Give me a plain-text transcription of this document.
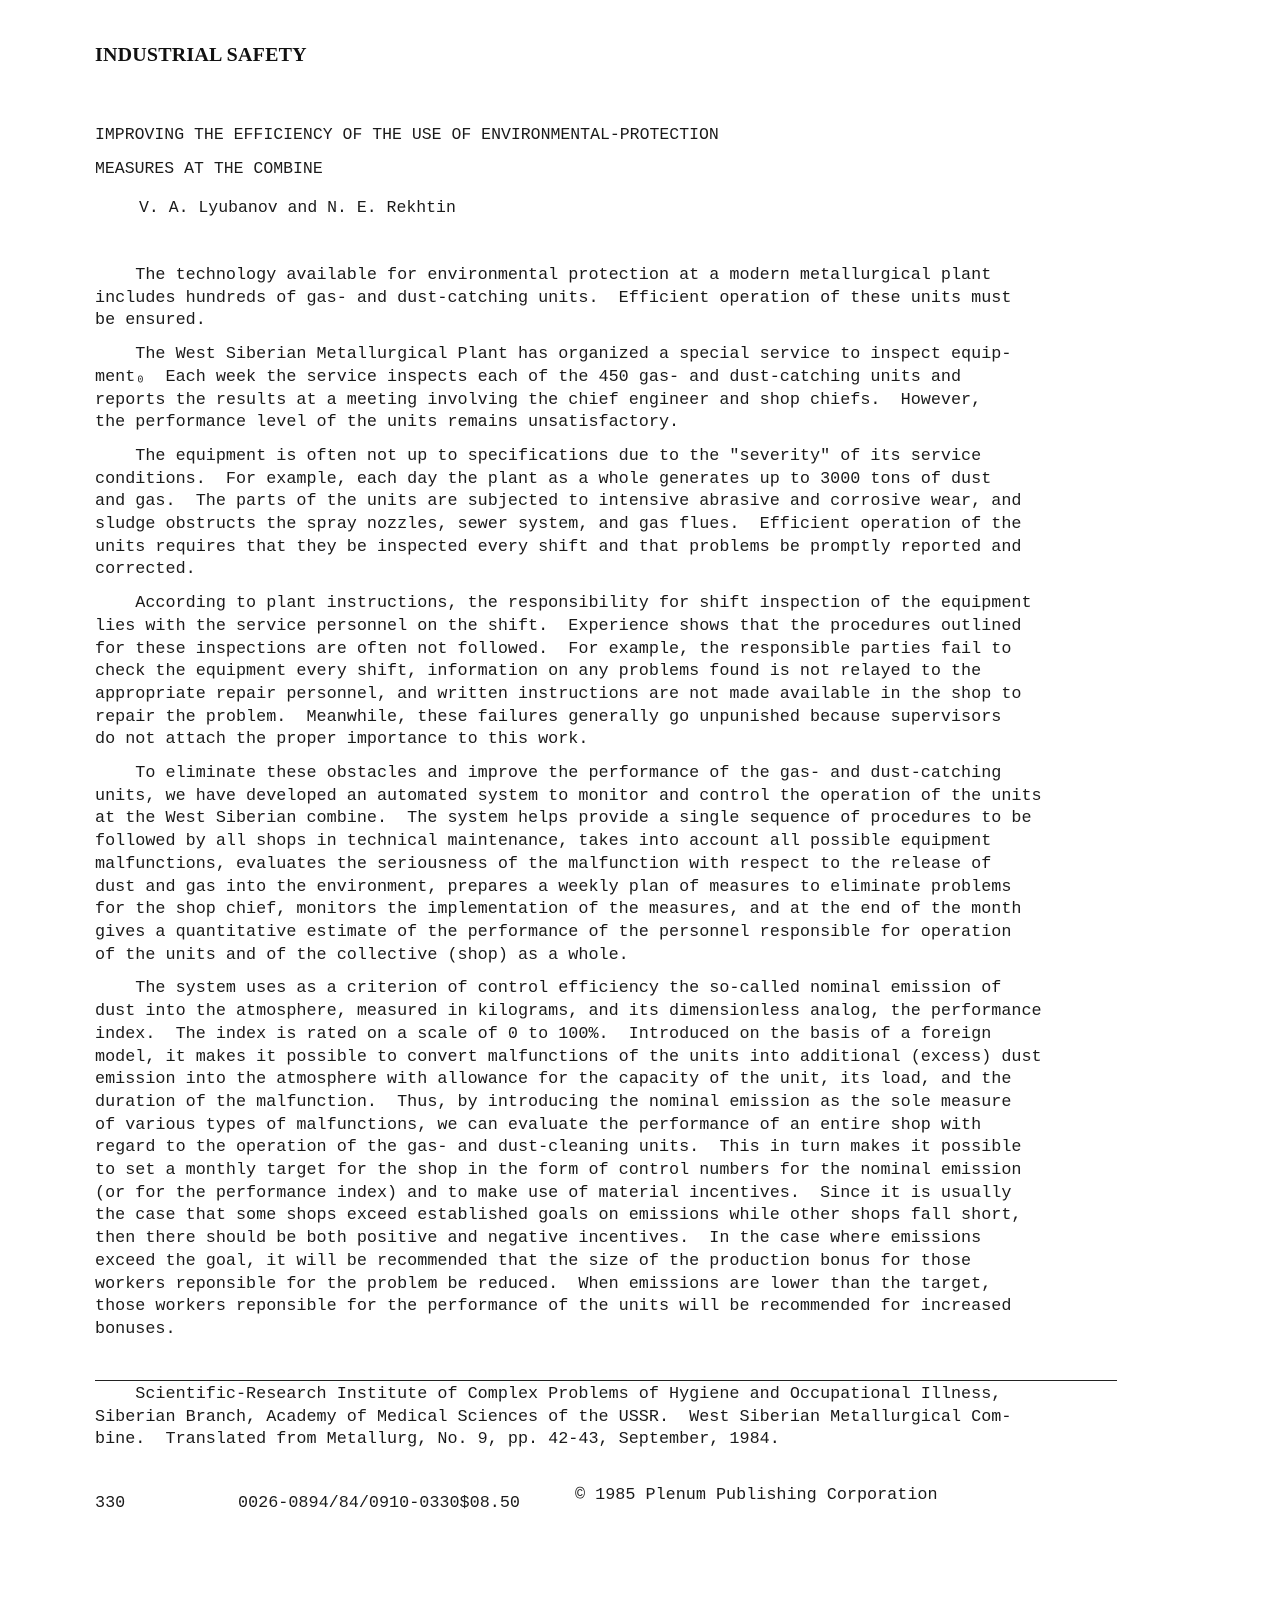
INDUSTRIAL SAFETY
IMPROVING THE EFFICIENCY OF THE USE OF ENVIRONMENTAL-PROTECTION
MEASURES AT THE COMBINE
V. A. Lyubanov and N. E. Rekhtin
The technology available for environmental protection at a modern metallurgical plant
includes hundreds of gas- and dust-catching units.  Efficient operation of these units must
be ensured.
The West Siberian Metallurgical Plant has organized a special service to inspect equip-
ment₀  Each week the service inspects each of the 450 gas- and dust-catching units and
reports the results at a meeting involving the chief engineer and shop chiefs.  However,
the performance level of the units remains unsatisfactory.
The equipment is often not up to specifications due to the "severity" of its service
conditions.  For example, each day the plant as a whole generates up to 3000 tons of dust
and gas.  The parts of the units are subjected to intensive abrasive and corrosive wear, and
sludge obstructs the spray nozzles, sewer system, and gas flues.  Efficient operation of the
units requires that they be inspected every shift and that problems be promptly reported and
corrected.
According to plant instructions, the responsibility for shift inspection of the equipment
lies with the service personnel on the shift.  Experience shows that the procedures outlined
for these inspections are often not followed.  For example, the responsible parties fail to
check the equipment every shift, information on any problems found is not relayed to the
appropriate repair personnel, and written instructions are not made available in the shop to
repair the problem.  Meanwhile, these failures generally go unpunished because supervisors
do not attach the proper importance to this work.
To eliminate these obstacles and improve the performance of the gas- and dust-catching
units, we have developed an automated system to monitor and control the operation of the units
at the West Siberian combine.  The system helps provide a single sequence of procedures to be
followed by all shops in technical maintenance, takes into account all possible equipment
malfunctions, evaluates the seriousness of the malfunction with respect to the release of
dust and gas into the environment, prepares a weekly plan of measures to eliminate problems
for the shop chief, monitors the implementation of the measures, and at the end of the month
gives a quantitative estimate of the performance of the personnel responsible for operation
of the units and of the collective (shop) as a whole.
The system uses as a criterion of control efficiency the so-called nominal emission of
dust into the atmosphere, measured in kilograms, and its dimensionless analog, the performance
index.  The index is rated on a scale of 0 to 100%.  Introduced on the basis of a foreign
model, it makes it possible to convert malfunctions of the units into additional (excess) dust
emission into the atmosphere with allowance for the capacity of the unit, its load, and the
duration of the malfunction.  Thus, by introducing the nominal emission as the sole measure
of various types of malfunctions, we can evaluate the performance of an entire shop with
regard to the operation of the gas- and dust-cleaning units.  This in turn makes it possible
to set a monthly target for the shop in the form of control numbers for the nominal emission
(or for the performance index) and to make use of material incentives.  Since it is usually
the case that some shops exceed established goals on emissions while other shops fall short,
then there should be both positive and negative incentives.  In the case where emissions
exceed the goal, it will be recommended that the size of the production bonus for those
workers reponsible for the problem be reduced.  When emissions are lower than the target,
those workers reponsible for the performance of the units will be recommended for increased
bonuses.
Scientific-Research Institute of Complex Problems of Hygiene and Occupational Illness,
Siberian Branch, Academy of Medical Sciences of the USSR.  West Siberian Metallurgical Com-
bine.  Translated from Metallurg, No. 9, pp. 42-43, September, 1984.
330	0026-0894/84/0910-0330$08.50	© 1985 Plenum Publishing Corporation
